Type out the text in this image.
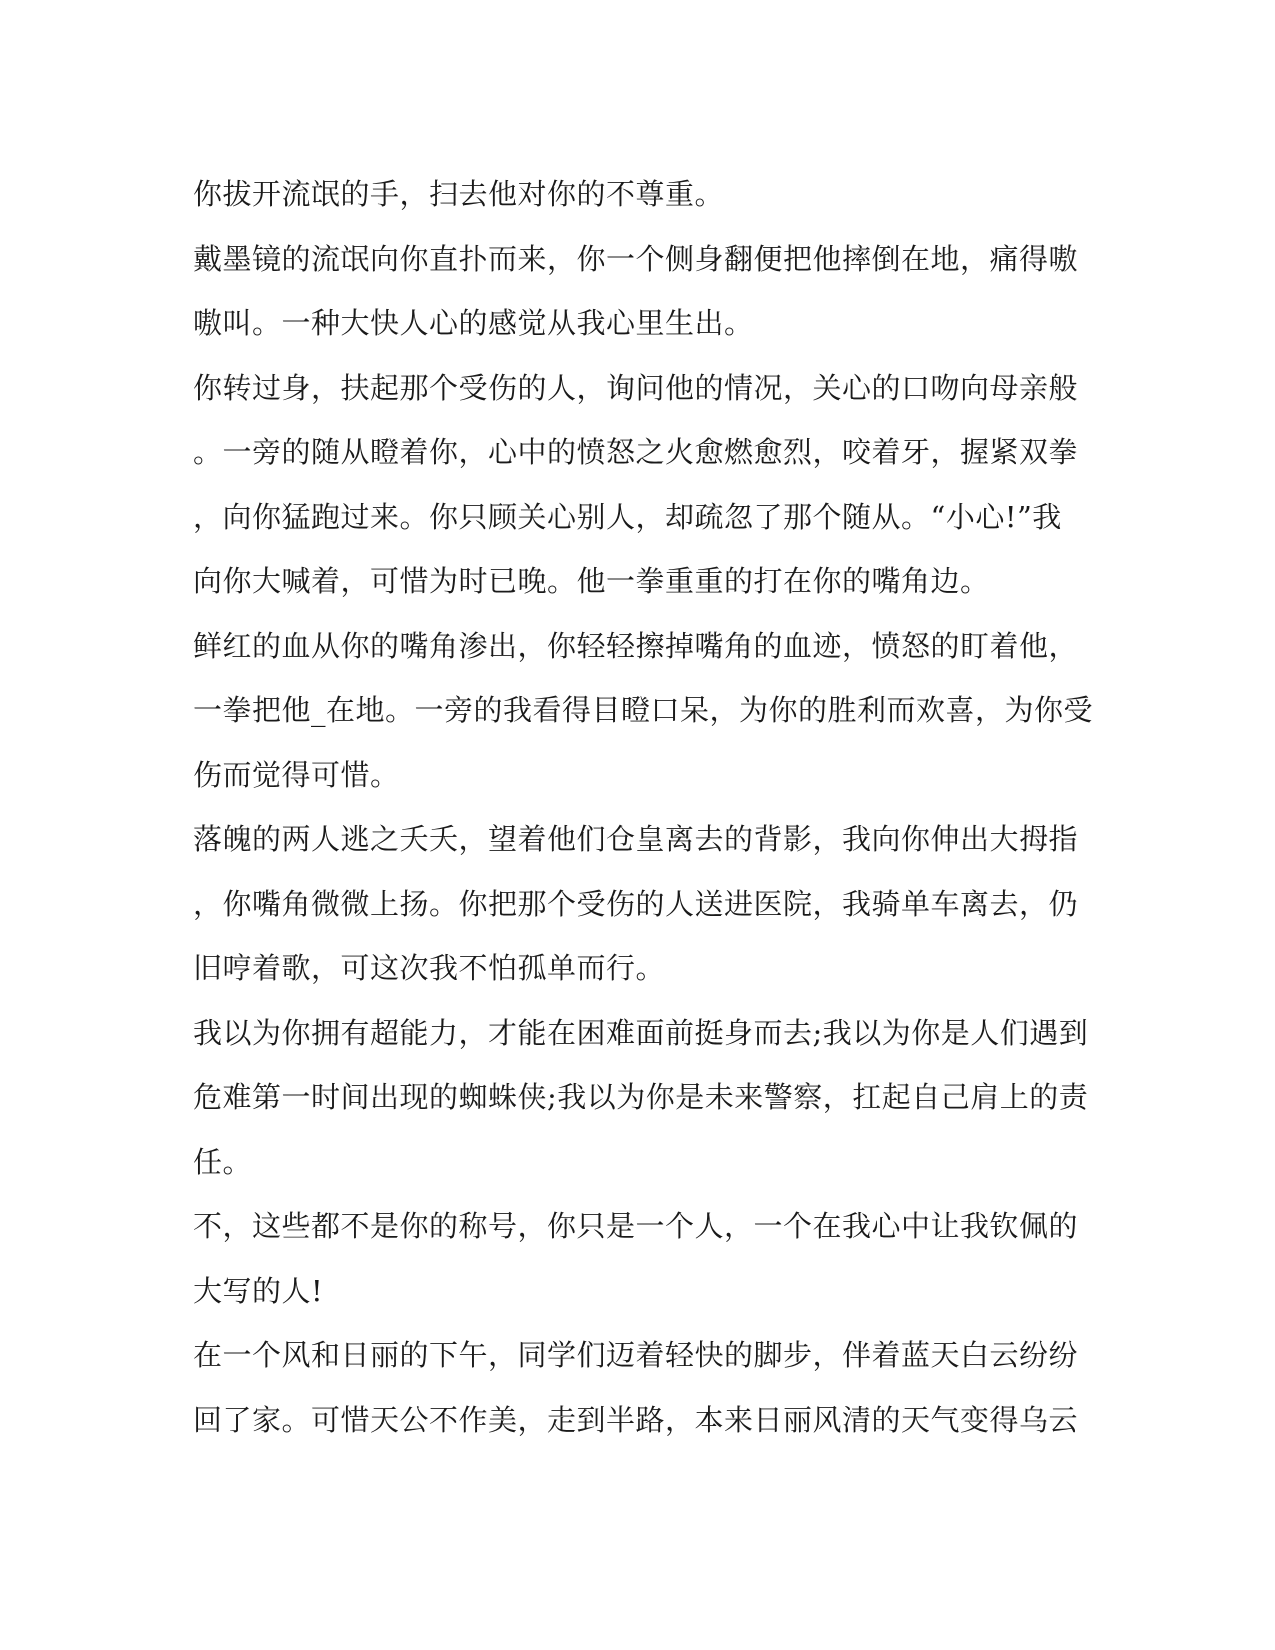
你拔开流氓的手，扫去他对你的不尊重。
戴墨镜的流氓向你直扑而来，你一个侧身翻便把他摔倒在地，痛得嗷
嗷叫。一种大快人心的感觉从我心里生出。
你转过身，扶起那个受伤的人，询问他的情况，关心的口吻向母亲般
。一旁的随从瞪着你，心中的愤怒之火愈燃愈烈，咬着牙，握紧双拳
，向你猛跑过来。你只顾关心别人，却疏忽了那个随从。“小心!”我
向你大喊着，可惜为时已晚。他一拳重重的打在你的嘴角边。
鲜红的血从你的嘴角渗出，你轻轻擦掉嘴角的血迹，愤怒的盯着他，
一拳把他_在地。一旁的我看得目瞪口呆，为你的胜利而欢喜，为你受
伤而觉得可惜。
落魄的两人逃之夭夭，望着他们仓皇离去的背影，我向你伸出大拇指
，你嘴角微微上扬。你把那个受伤的人送进医院，我骑单车离去，仍
旧哼着歌，可这次我不怕孤单而行。
我以为你拥有超能力，才能在困难面前挺身而去;我以为你是人们遇到
危难第一时间出现的蜘蛛侠;我以为你是未来警察，扛起自己肩上的责
任。
不，这些都不是你的称号，你只是一个人，一个在我心中让我钦佩的
大写的人!
在一个风和日丽的下午，同学们迈着轻快的脚步，伴着蓝天白云纷纷
回了家。可惜天公不作美，走到半路，本来日丽风清的天气变得乌云
